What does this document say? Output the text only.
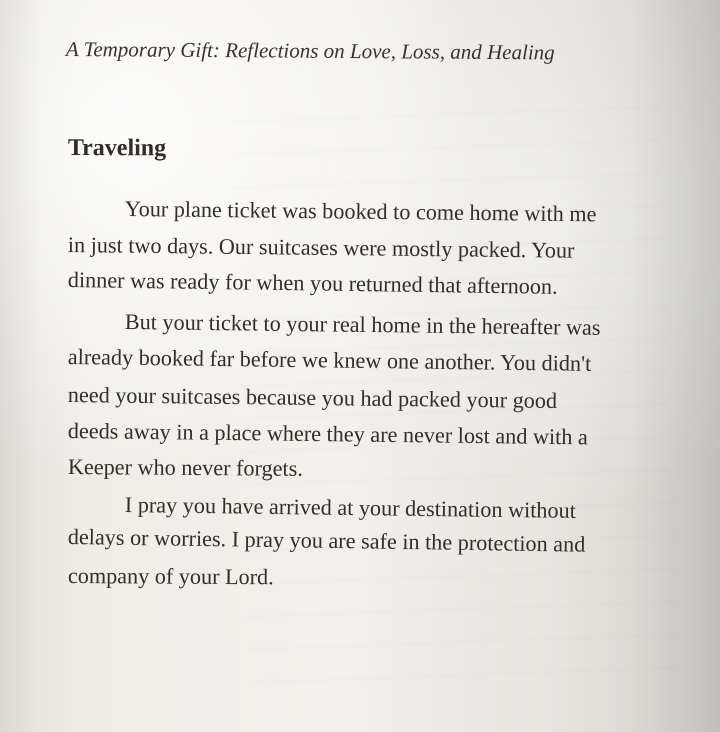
A Temporary Gift: Reflections on Love, Loss, and Healing
Traveling
Your plane ticket was booked to come home with me
in just two days. Our suitcases were mostly packed. Your
dinner was ready for when you returned that afternoon.
But your ticket to your real home in the hereafter was
already booked far before we knew one another. You didn't
need your suitcases because you had packed your good
deeds away in a place where they are never lost and with a
Keeper who never forgets.
I pray you have arrived at your destination without
delays or worries. I pray you are safe in the protection and
company of your Lord.
